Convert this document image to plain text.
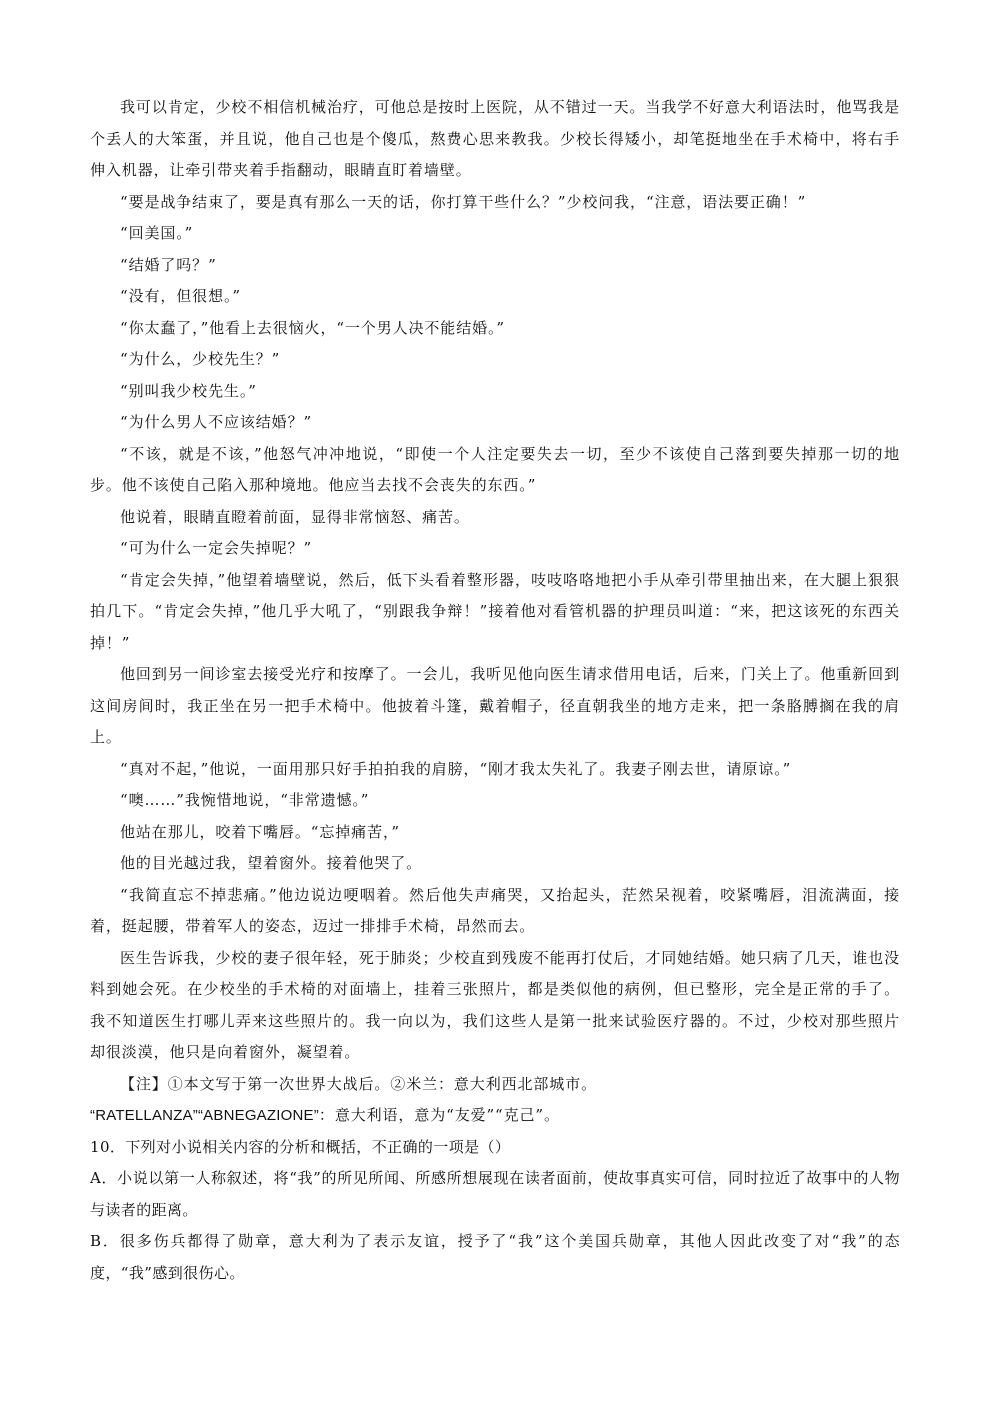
我可以肯定，少校不相信机械治疗，可他总是按时上医院，从不错过一天。当我学不好意大利语法时，他骂我是个丢人的大笨蛋，并且说，他自己也是个傻瓜，熬费心思来教我。少校长得矮小，却笔挺地坐在手术椅中，将右手伸入机器，让牵引带夹着手指翻动，眼睛直盯着墙壁。

“要是战争结束了，要是真有那么一天的话，你打算干些什么？”少校问我，“注意，语法要正确！”

“回美国。”

“结婚了吗？”

“没有，但很想。”

“你太蠢了，”他看上去很恼火，“一个男人决不能结婚。”

“为什么，少校先生？”

“别叫我少校先生。”

“为什么男人不应该结婚？”

“不该，就是不该，”他怒气冲冲地说，“即使一个人注定要失去一切，至少不该使自己落到要失掉那一切的地步。他不该使自己陷入那种境地。他应当去找不会丧失的东西。”

他说着，眼睛直瞪着前面，显得非常恼怒、痛苦。

“可为什么一定会失掉呢？”

“肯定会失掉，”他望着墙壁说，然后，低下头看着整形器，吱吱咯咯地把小手从牵引带里抽出来，在大腿上狠狠拍几下。“肯定会失掉，”他几乎大吼了，“别跟我争辩！”接着他对看管机器的护理员叫道：“来，把这该死的东西关掉！”

他回到另一间诊室去接受光疗和按摩了。一会儿，我听见他向医生请求借用电话，后来，门关上了。他重新回到这间房间时，我正坐在另一把手术椅中。他披着斗篷，戴着帽子，径直朝我坐的地方走来，把一条胳膊搁在我的肩上。

“真对不起，”他说，一面用那只好手拍拍我的肩膀，“刚才我太失礼了。我妻子刚去世，请原谅。”

“噢……”我惋惜地说，“非常遗憾。”

他站在那儿，咬着下嘴唇。“忘掉痛苦，”

他的目光越过我，望着窗外。接着他哭了。

“我简直忘不掉悲痛。”他边说边哽咽着。然后他失声痛哭，又抬起头，茫然呆视着，咬紧嘴唇，泪流满面，接着，挺起腰，带着军人的姿态，迈过一排排手术椅，昂然而去。

医生告诉我，少校的妻子很年轻，死于肺炎；少校直到残废不能再打仗后，才同她结婚。她只病了几天，谁也没料到她会死。在少校坐的手术椅的对面墙上，挂着三张照片，都是类似他的病例，但已整形，完全是正常的手了。我不知道医生打哪儿弄来这些照片的。我一向以为，我们这些人是第一批来试验医疗器的。不过，少校对那些照片却很淡漠，他只是向着窗外，凝望着。

【注】①本文写于第一次世界大战后。②米兰：意大利西北部城市。

“RATELLANZA”“ABNEGAZIONE”：意大利语，意为“友爱”“克己”。

10．下列对小说相关内容的分析和概括，不正确的一项是（）

A．小说以第一人称叙述，将“我”的所见所闻、所感所想展现在读者面前，使故事真实可信，同时拉近了故事中的人物与读者的距离。

B．很多伤兵都得了勋章，意大利为了表示友谊，授予了“我”这个美国兵勋章，其他人因此改变了对“我”的态度，“我”感到很伤心。
